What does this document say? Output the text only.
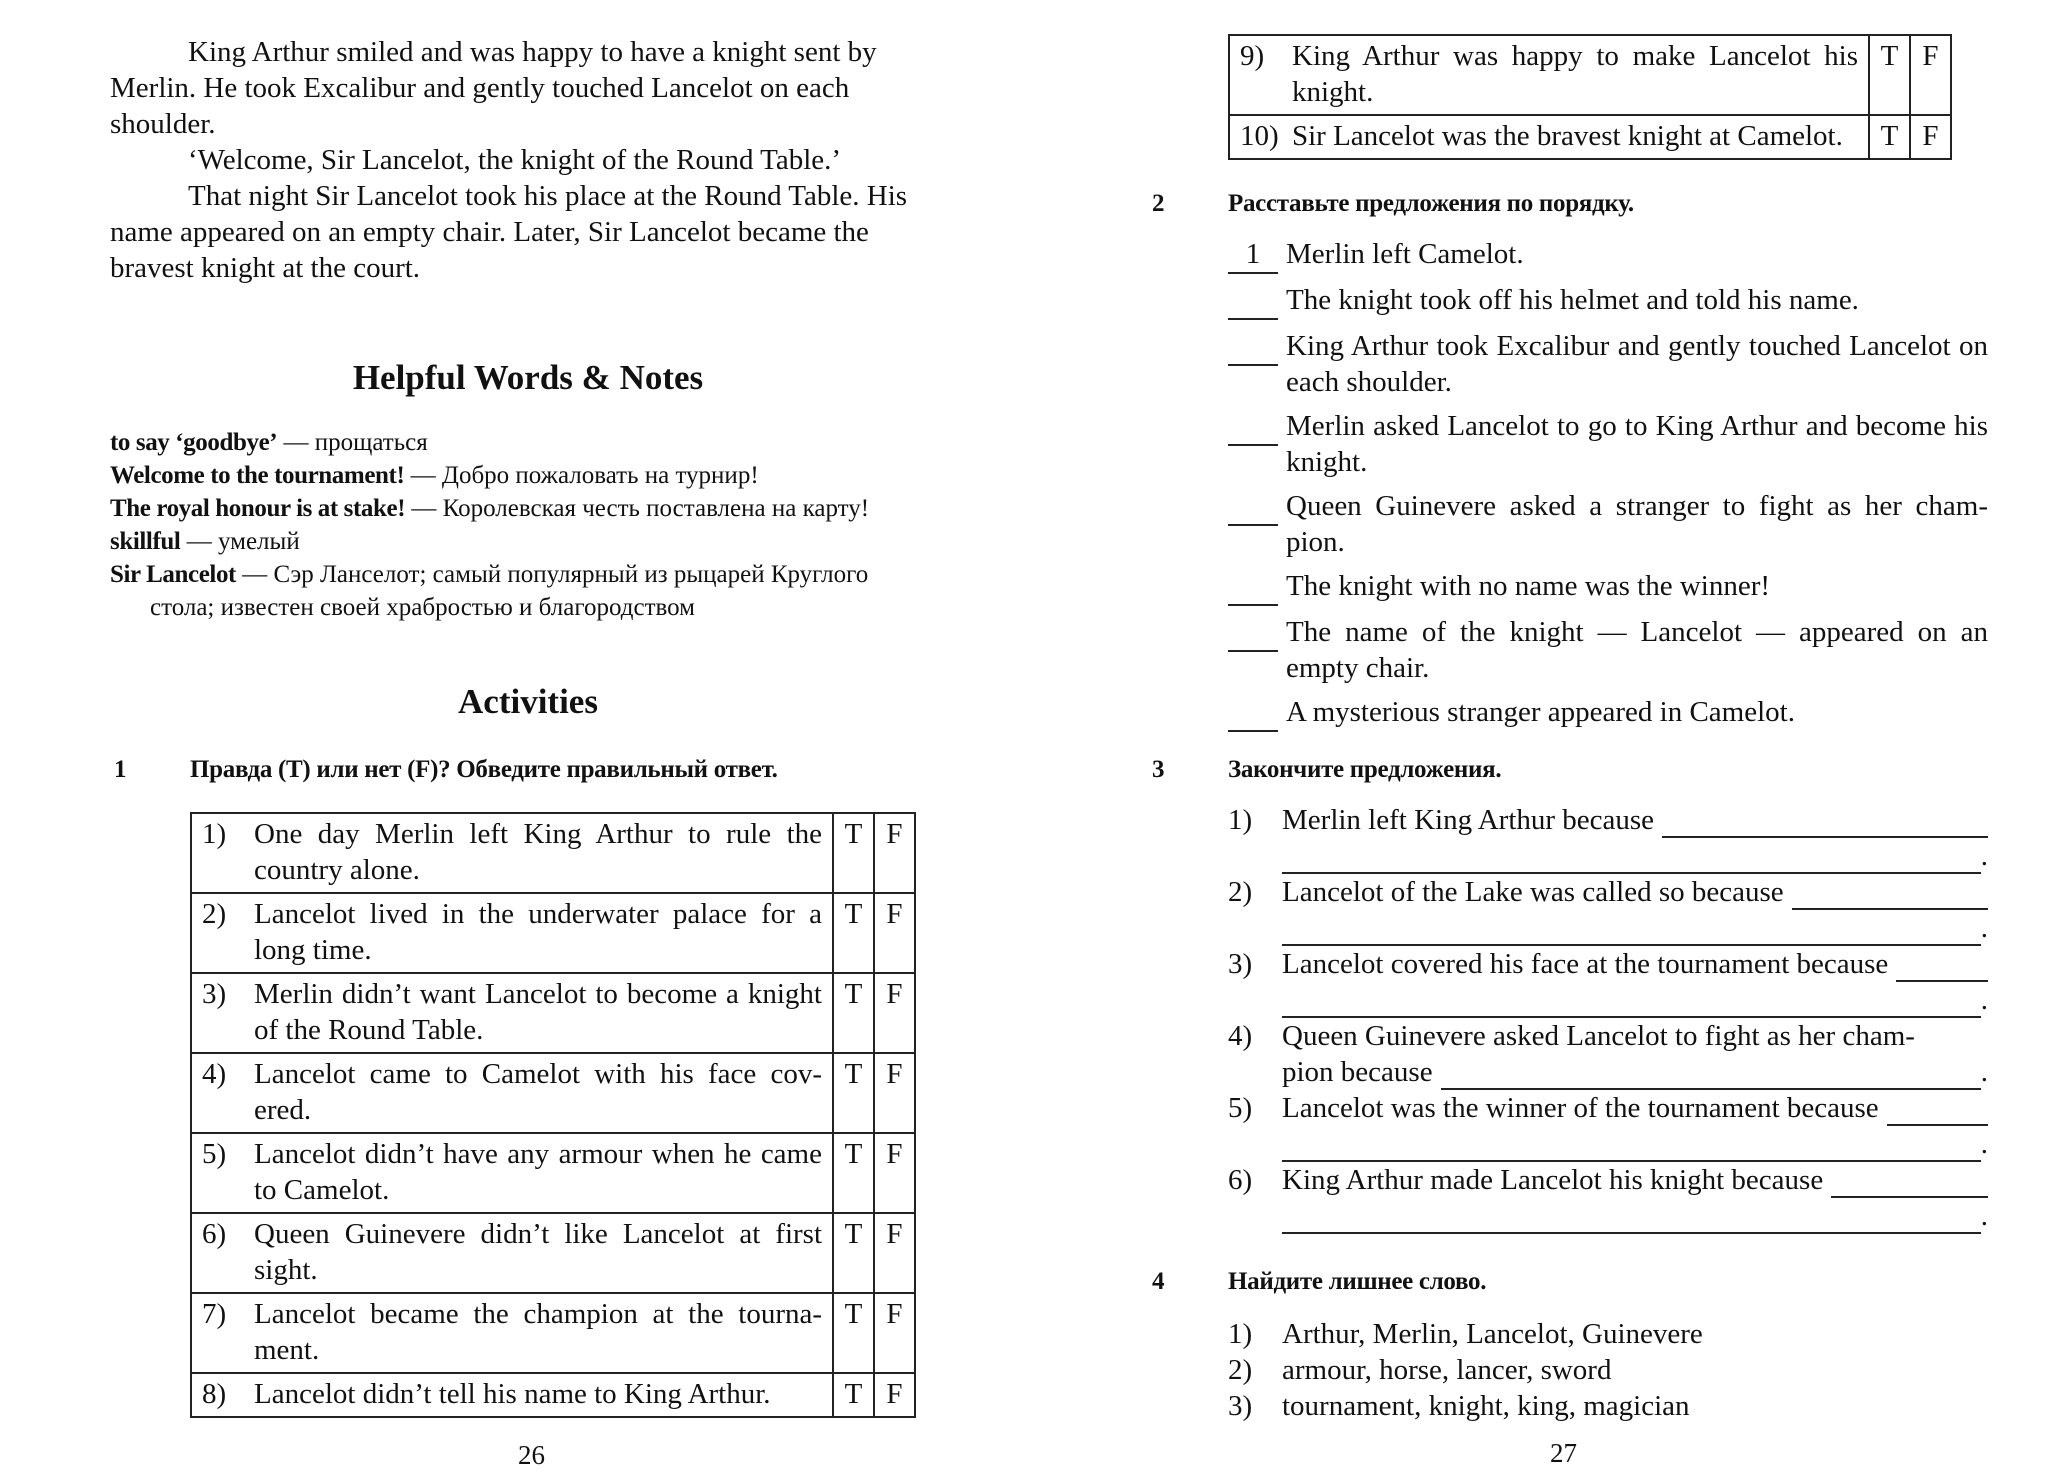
King Arthur smiled and was happy to have a knight sent by Merlin. He took Excalibur and gently touched Lancelot on each shoulder.

‘Welcome, Sir Lancelot, the knight of the Round Table.’

That night Sir Lancelot took his place at the Round Table. His name appeared on an empty chair. Later, Sir Lancelot became the bravest knight at the court.

Helpful Words & Notes
to say ‘goodbye’ — прощаться
Welcome to the tournament! — Добро пожаловать на турнир!
The royal honour is at stake! — Королевская честь поставлена на карту!
skillful — умелый
Sir Lancelot — Сэр Ланселот; самый популярный из рыцарей Круглого
стола; известен своей храбростью и благородством
Activities
1	Правда (T) или нет (F)? Обведите правильный ответ.
1) One day Merlin left King Arthur to rule the country alone.	T	F

2) Lancelot lived in the underwater palace for a long time.	T	F

3) Merlin didn’t want Lancelot to become a knight of the Round Table.	T	F

4) Lancelot came to Camelot with his face cov-ered.	T	F

5) Lancelot didn’t have any armour when he came to Camelot.	T	F

6) Queen Guinevere didn’t like Lancelot at first sight.	T	F

7) Lancelot became the champion at the tourna-ment.	T	F

8) Lancelot didn’t tell his name to King Arthur.	T	F
26
9) King Arthur was happy to make Lancelot his knight.	T	F

10) Sir Lancelot was the bravest knight at Camelot.	T	F
2	Расставьте предложения по порядку.
1 Merlin left Camelot.
The knight took off his helmet and told his name.
King Arthur took Excalibur and gently touched Lancelot on each shoulder.
Merlin asked Lancelot to go to King Arthur and become his knight.
Queen Guinevere asked a stranger to fight as her cham-pion.
The knight with no name was the winner!
The name of the knight — Lancelot — appeared on an empty chair.
A mysterious stranger appeared in Camelot.
3	Закончите предложения.
1)	Merlin left King Arthur because
.
2)	Lancelot of the Lake was called so because
.
3)	Lancelot covered his face at the tournament because
.
4)	Queen Guinevere asked Lancelot to fight as her cham-
pion because	.
5)	Lancelot was the winner of the tournament because
.
6)	King Arthur made Lancelot his knight because
.
4	Найдите лишнее слово.
1)	Arthur, Merlin, Lancelot, Guinevere
2)	armour, horse, lancer, sword
3)	tournament, knight, king, magician
27
